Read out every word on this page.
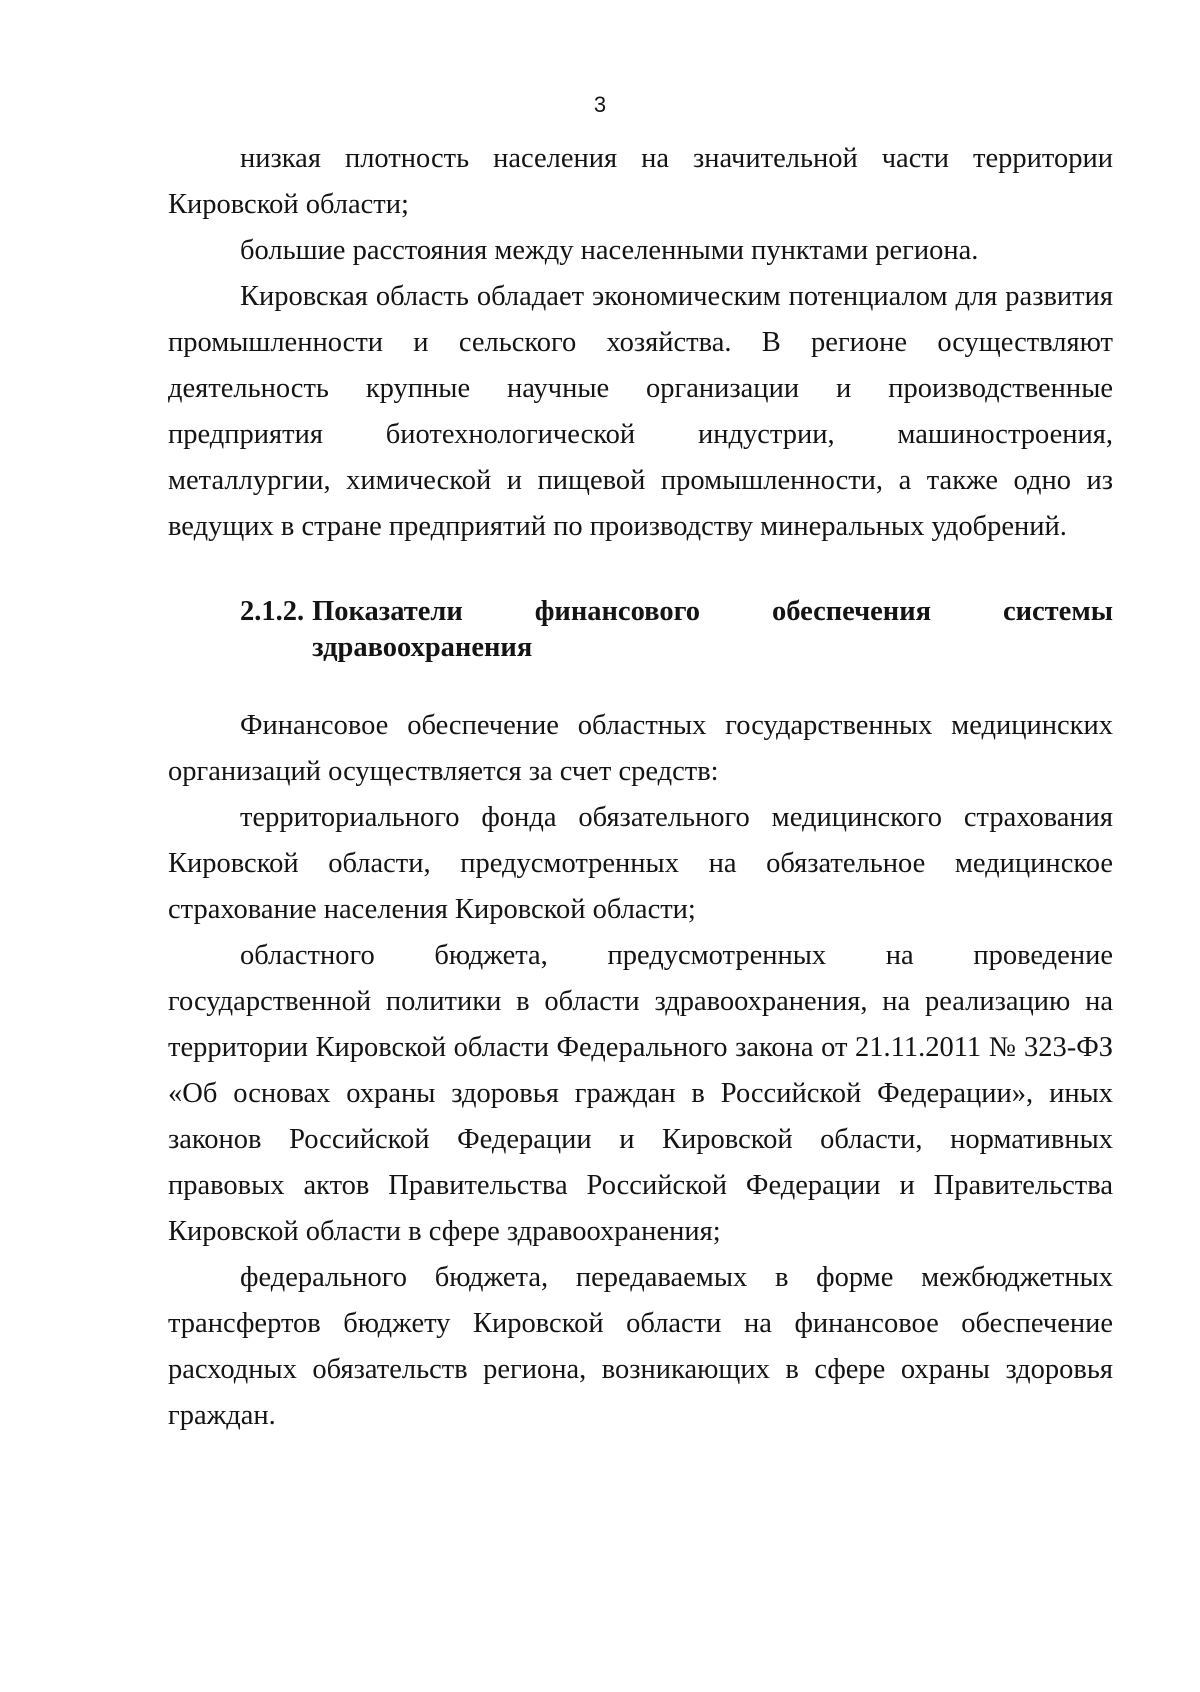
3

низкая плотность населения на значительной части территории Кировской области;

большие расстояния между населенными пунктами региона.

Кировская область обладает экономическим потенциалом для развития промышленности и сельского хозяйства. В регионе осуществляют деятельность крупные научные организации и производственные предприятия биотехнологической индустрии, машиностроения, металлургии, химической и пищевой промышленности, а также одно из ведущих в стране предприятий по производству минеральных удобрений.

2.1.2. Показатели финансового обеспечения системы здравоохранения

Финансовое обеспечение областных государственных медицинских организаций осуществляется за счет средств:

территориального фонда обязательного медицинского страхования Кировской области, предусмотренных на обязательное медицинское страхование населения Кировской области;

областного бюджета, предусмотренных на проведение государственной политики в области здравоохранения, на реализацию на территории Кировской области Федерального закона от 21.11.2011 № 323-ФЗ «Об основах охраны здоровья граждан в Российской Федерации», иных законов Российской Федерации и Кировской области, нормативных правовых актов Правительства Российской Федерации и Правительства Кировской области в сфере здравоохранения;

федерального бюджета, передаваемых в форме межбюджетных трансфертов бюджету Кировской области на финансовое обеспечение расходных обязательств региона, возникающих в сфере охраны здоровья граждан.
